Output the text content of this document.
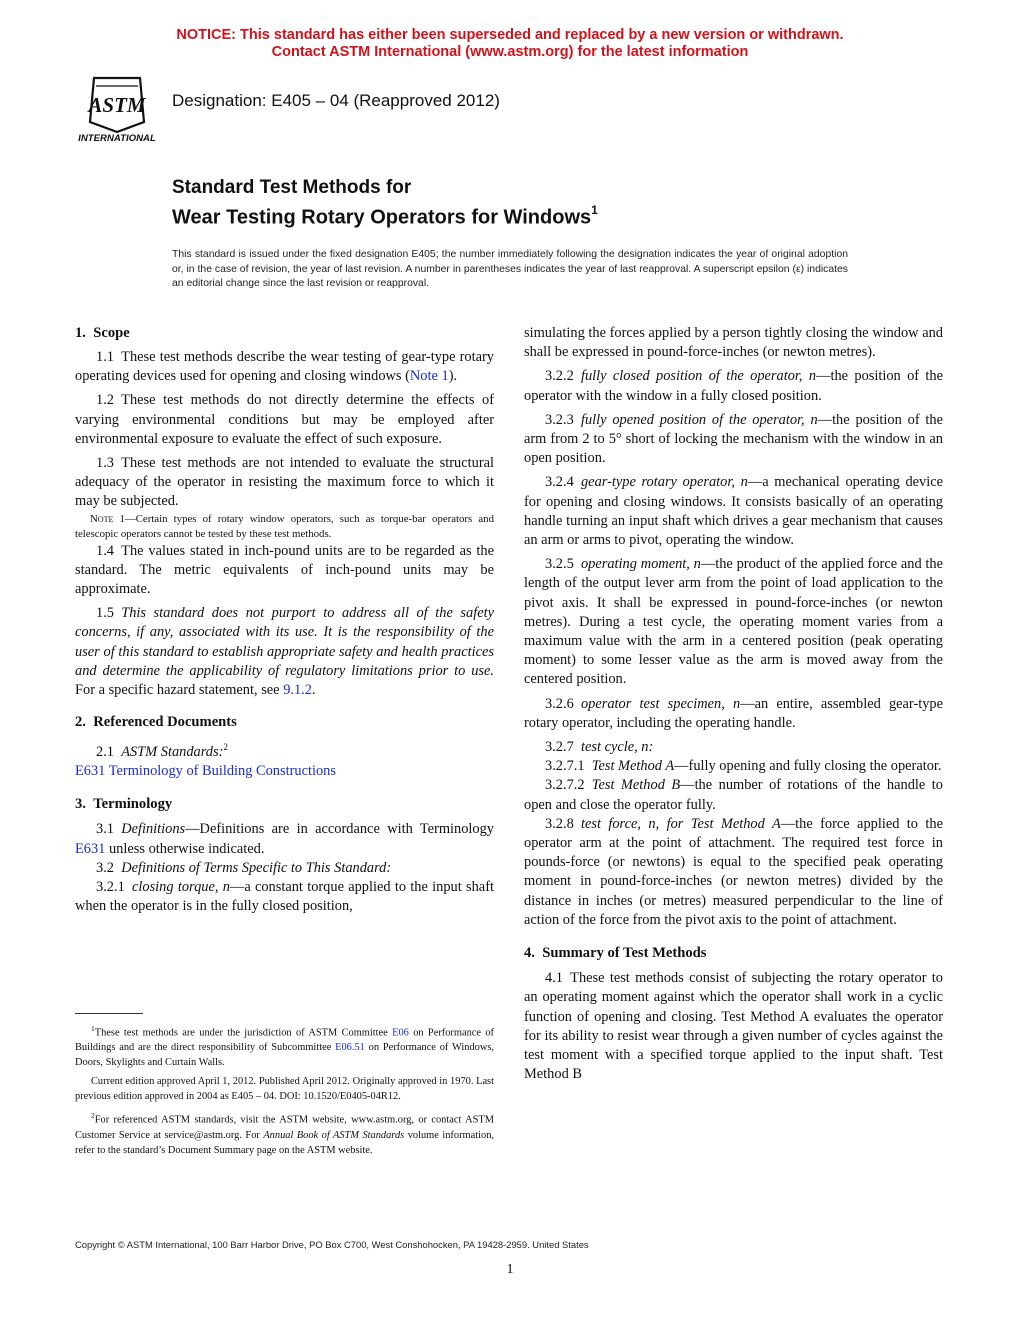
NOTICE: This standard has either been superseded and replaced by a new version or withdrawn.
Contact ASTM International (www.astm.org) for the latest information
ASTM
INTERNATIONAL
Designation: E405 – 04 (Reapproved 2012)
Standard Test Methods for
Wear Testing Rotary Operators for Windows$^1$
This standard is issued under the fixed designation E405; the number immediately following the designation indicates the year of original adoption or, in the case of revision, the year of last revision. A number in parentheses indicates the year of last reapproval. A superscript epsilon (ε) indicates an editorial change since the last revision or reapproval.
1. Scope

1.1 These test methods describe the wear testing of gear-type rotary operating devices used for opening and closing windows (Note 1).

1.2 These test methods do not directly determine the effects of varying environmental conditions but may be employed after environmental exposure to evaluate the effect of such exposure.

1.3 These test methods are not intended to evaluate the structural adequacy of the operator in resisting the maximum force to which it may be subjected.

Note 1—Certain types of rotary window operators, such as torque-bar operators and telescopic operators cannot be tested by these test methods.

1.4 The values stated in inch-pound units are to be regarded as the standard. The metric equivalents of inch-pound units may be approximate.

1.5 This standard does not purport to address all of the safety concerns, if any, associated with its use. It is the responsibility of the user of this standard to establish appropriate safety and health practices and determine the applicability of regulatory limitations prior to use. For a specific hazard statement, see 9.1.2.

2. Referenced Documents

2.1 ASTM Standards:$^2$

E631 Terminology of Building Constructions

3. Terminology

3.1 Definitions—Definitions are in accordance with Terminology E631 unless otherwise indicated.

3.2 Definitions of Terms Specific to This Standard:

3.2.1 closing torque, n—a constant torque applied to the input shaft when the operator is in the fully closed position,

$^1$These test methods are under the jurisdiction of ASTM Committee E06 on Performance of Buildings and are the direct responsibility of Subcommittee E06.51 on Performance of Windows, Doors, Skylights and Curtain Walls.

Current edition approved April 1, 2012. Published April 2012. Originally approved in 1970. Last previous edition approved in 2004 as E405 – 04. DOI: 10.1520/E0405-04R12.

$^2$For referenced ASTM standards, visit the ASTM website, www.astm.org, or contact ASTM Customer Service at service@astm.org. For Annual Book of ASTM Standards volume information, refer to the standard’s Document Summary page on the ASTM website.

simulating the forces applied by a person tightly closing the window and shall be expressed in pound-force-inches (or newton metres).

3.2.2 fully closed position of the operator, n—the position of the operator with the window in a fully closed position.

3.2.3 fully opened position of the operator, n—the position of the arm from 2 to 5° short of locking the mechanism with the window in an open position.

3.2.4 gear-type rotary operator, n—a mechanical operating device for opening and closing windows. It consists basically of an operating handle turning an input shaft which drives a gear mechanism that causes an arm or arms to pivot, operating the window.

3.2.5 operating moment, n—the product of the applied force and the length of the output lever arm from the point of load application to the pivot axis. It shall be expressed in pound-force-inches (or newton metres). During a test cycle, the operating moment varies from a maximum value with the arm in a centered position (peak operating moment) to some lesser value as the arm is moved away from the centered position.

3.2.6 operator test specimen, n—an entire, assembled gear-type rotary operator, including the operating handle.

3.2.7 test cycle, n:

3.2.7.1 Test Method A—fully opening and fully closing the operator.

3.2.7.2 Test Method B—the number of rotations of the handle to open and close the operator fully.

3.2.8 test force, n, for Test Method A—the force applied to the operator arm at the point of attachment. The required test force in pounds-force (or newtons) is equal to the specified peak operating moment in pound-force-inches (or newton metres) divided by the distance in inches (or metres) measured perpendicular to the line of action of the force from the pivot axis to the point of attachment.

4. Summary of Test Methods

4.1 These test methods consist of subjecting the rotary operator to an operating moment against which the operator shall work in a cyclic function of opening and closing. Test Method A evaluates the operator for its ability to resist wear through a given number of cycles against the test moment with a specified torque applied to the input shaft. Test Method B

Copyright © ASTM International, 100 Barr Harbor Drive, PO Box C700, West Conshohocken, PA 19428-2959. United States
1
